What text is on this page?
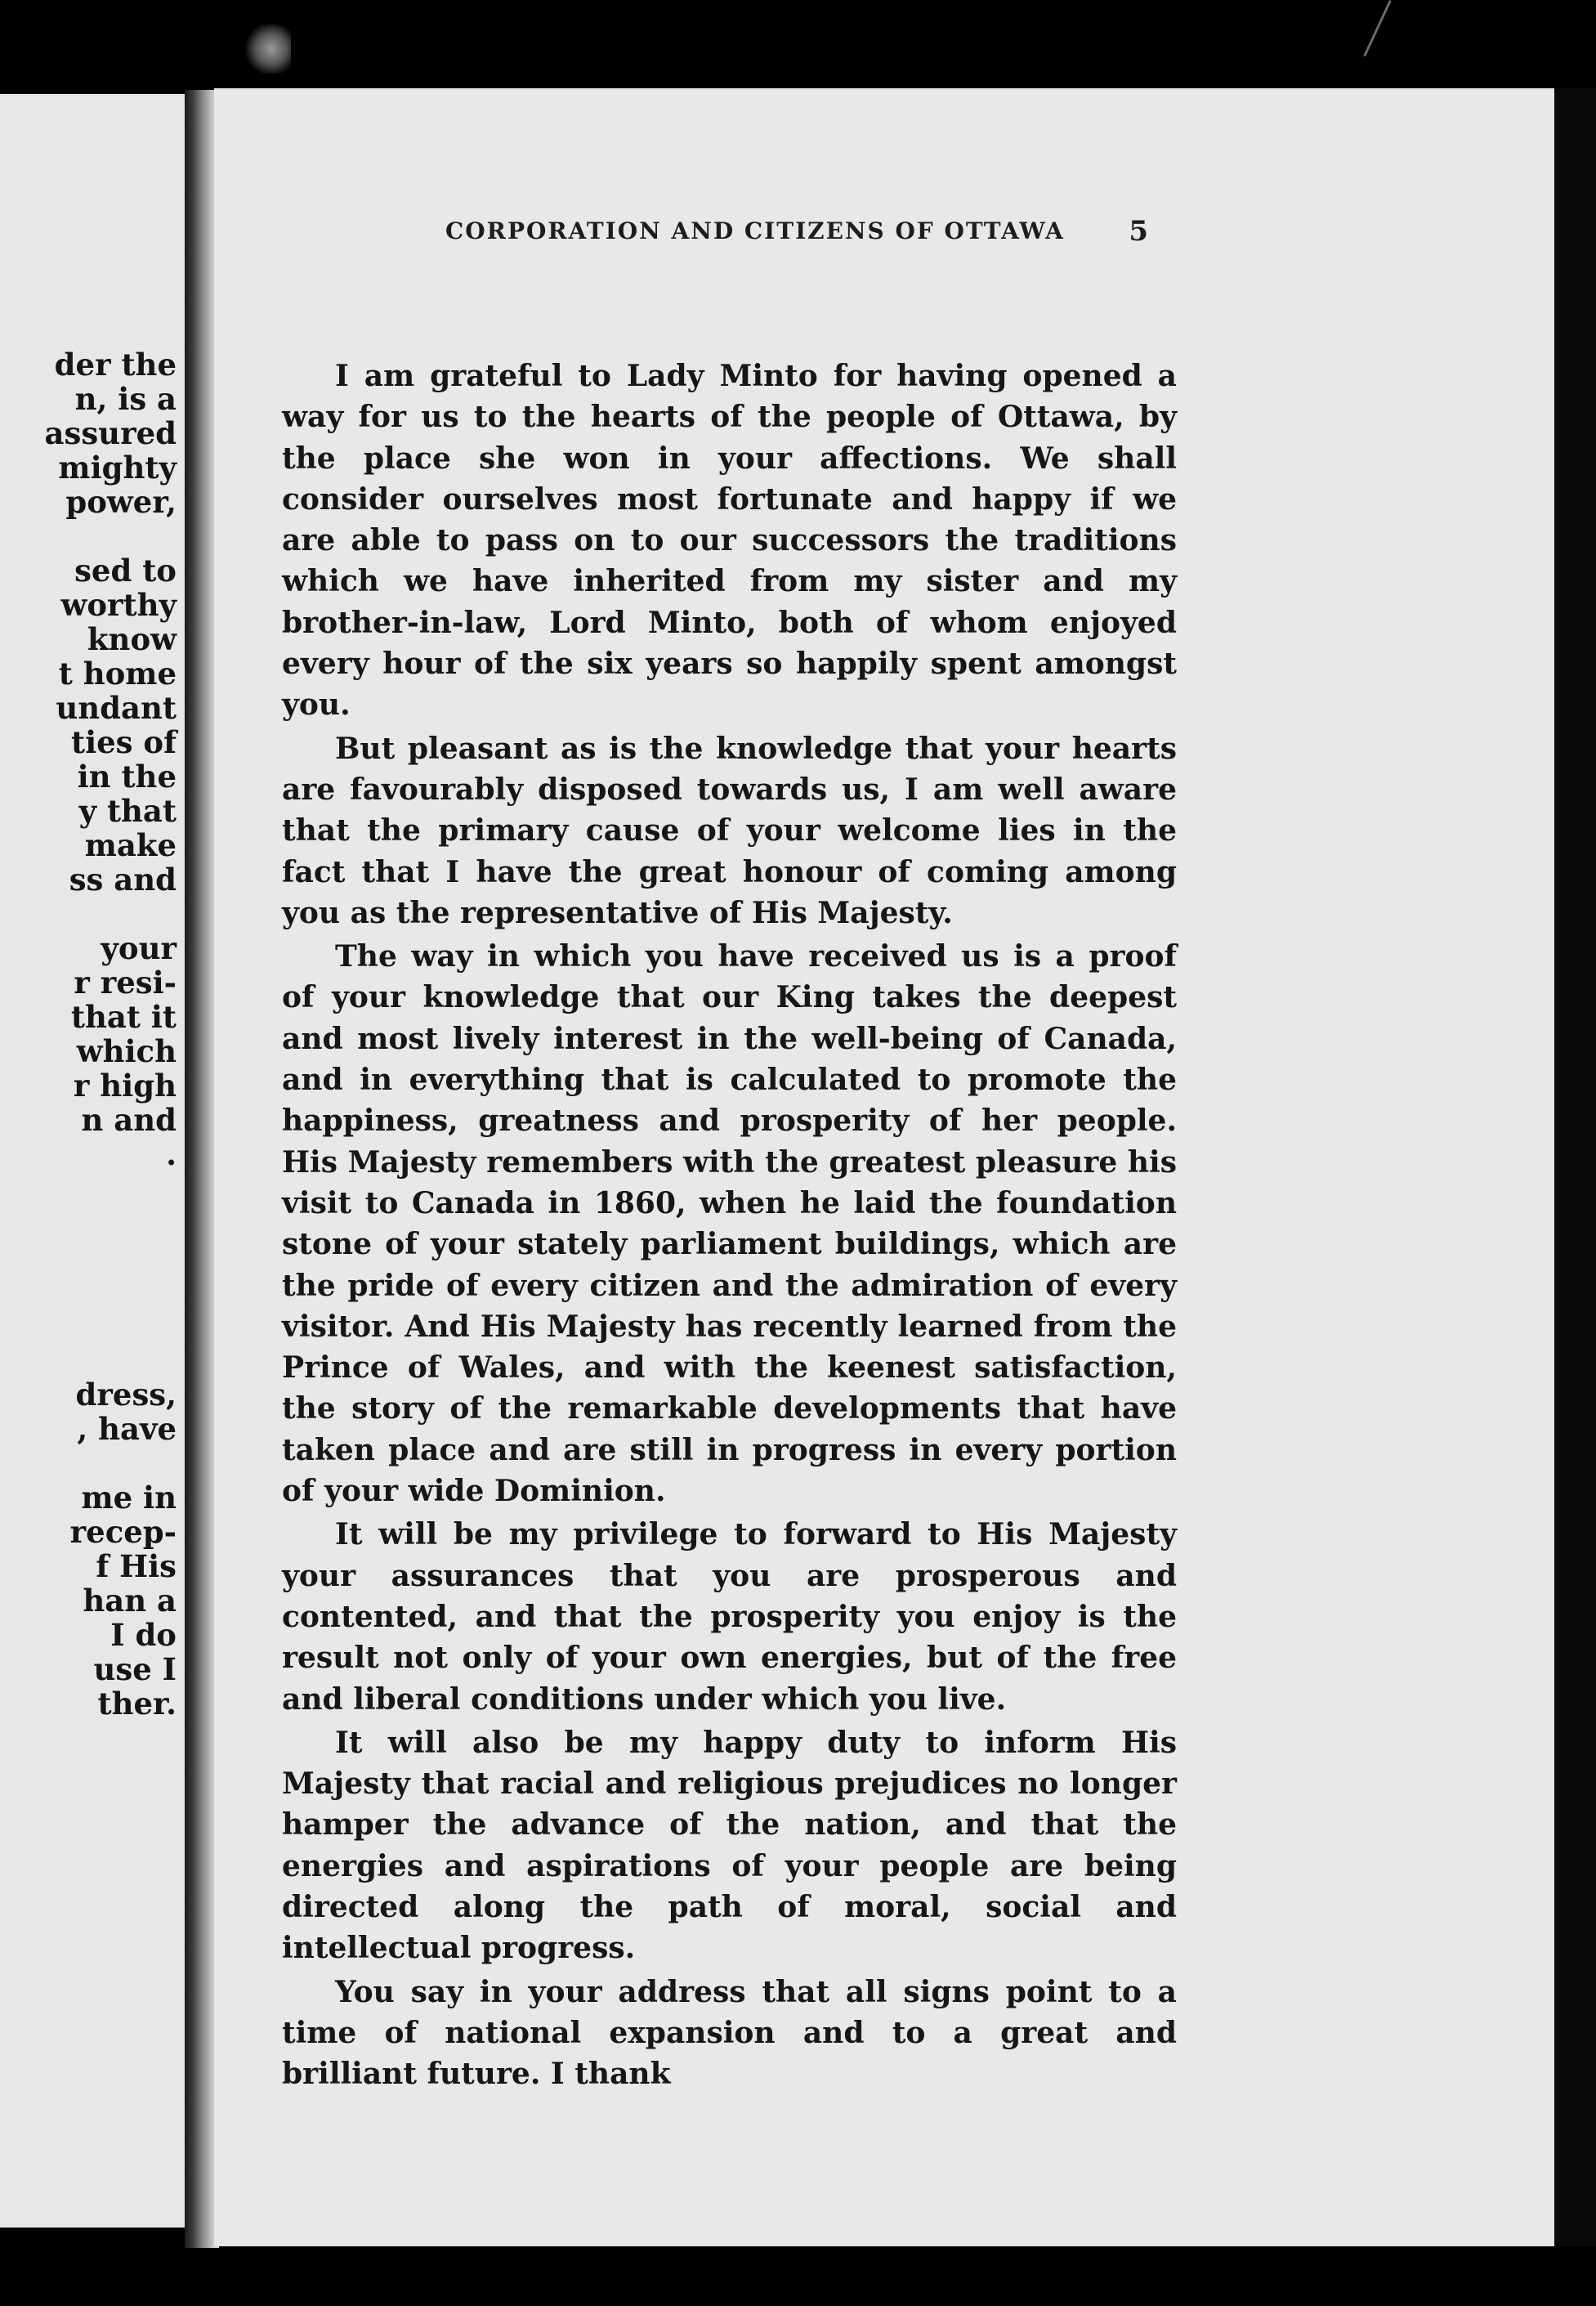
der the
n, is a
assured
mighty
power,
sed to
worthy
know
t home
undant
ties of
in the
y that
make
ss and
your
r resi-
that it
which
r high
n and
.
dress,
, have
me in
recep-
f His
han a
I do
use I
ther.
CORPORATION AND CITIZENS OF OTTAWA 5

I am grateful to Lady Minto for having opened a way for us to the hearts of the people of Ottawa, by the place she won in your affections. We shall consider ourselves most fortunate and happy if we are able to pass on to our successors the traditions which we have inherited from my sister and my brother-in-law, Lord Minto, both of whom enjoyed every hour of the six years so happily spent amongst you.

But pleasant as is the knowledge that your hearts are favourably disposed towards us, I am well aware that the primary cause of your welcome lies in the fact that I have the great honour of coming among you as the representative of His Majesty.

The way in which you have received us is a proof of your knowledge that our King takes the deepest and most lively interest in the well-being of Canada, and in everything that is calculated to promote the happiness, greatness and prosperity of her people. His Majesty remembers with the greatest pleasure his visit to Canada in 1860, when he laid the foundation stone of your stately parliament buildings, which are the pride of every citizen and the admiration of every visitor. And His Majesty has recently learned from the Prince of Wales, and with the keenest satisfaction, the story of the remarkable developments that have taken place and are still in progress in every portion of your wide Dominion.

It will be my privilege to forward to His Majesty your assurances that you are prosperous and contented, and that the prosperity you enjoy is the result not only of your own energies, but of the free and liberal conditions under which you live.

It will also be my happy duty to inform His Majesty that racial and religious prejudices no longer hamper the advance of the nation, and that the energies and aspirations of your people are being directed along the path of moral, social and intellectual progress.

You say in your address that all signs point to a time of national expansion and to a great and brilliant future. I thank
